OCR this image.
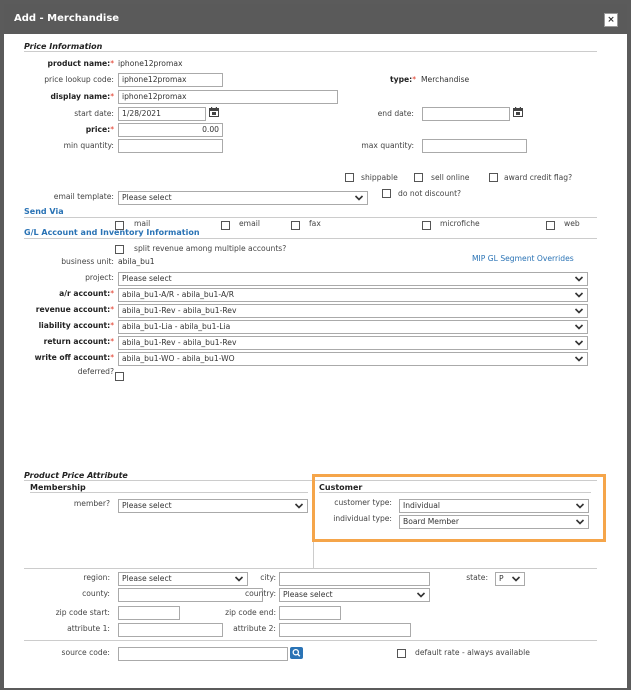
Add - Merchandise	×
Price Information
product name:* iphone12promax
price lookup code:	iphone12promax	type:* Merchandise
display name:*	iphone12promax
start date:	1/28/2021	end date:
price:*	0.00
min quantity:	max quantity:
shippable	sell online	award credit flag?
do not discount?
email template:	Please select
Send Via
mail	email	fax	microfiche	web
G/L Account and Inventory Information
split revenue among multiple accounts?
business unit: abila_bu1	MIP GL Segment Overrides
project:	Please select
a/r account:*	abila_bu1-A/R - abila_bu1-A/R
revenue account:*	abila_bu1-Rev - abila_bu1-Rev
liability account:*	abila_bu1-Lia - abila_bu1-Lia
return account:*	abila_bu1-Rev - abila_bu1-Rev
write off account:*	abila_bu1-WO - abila_bu1-WO
deferred?
Product Price Attribute
Membership
member?	Please select
Customer
customer type:	Individual
individual type:	Board Member
region:	Please select	city:	state:	P
county:	country: Please select
zip code start:	zip code end:
attribute 1:	attribute 2:
source code:	default rate - always available
